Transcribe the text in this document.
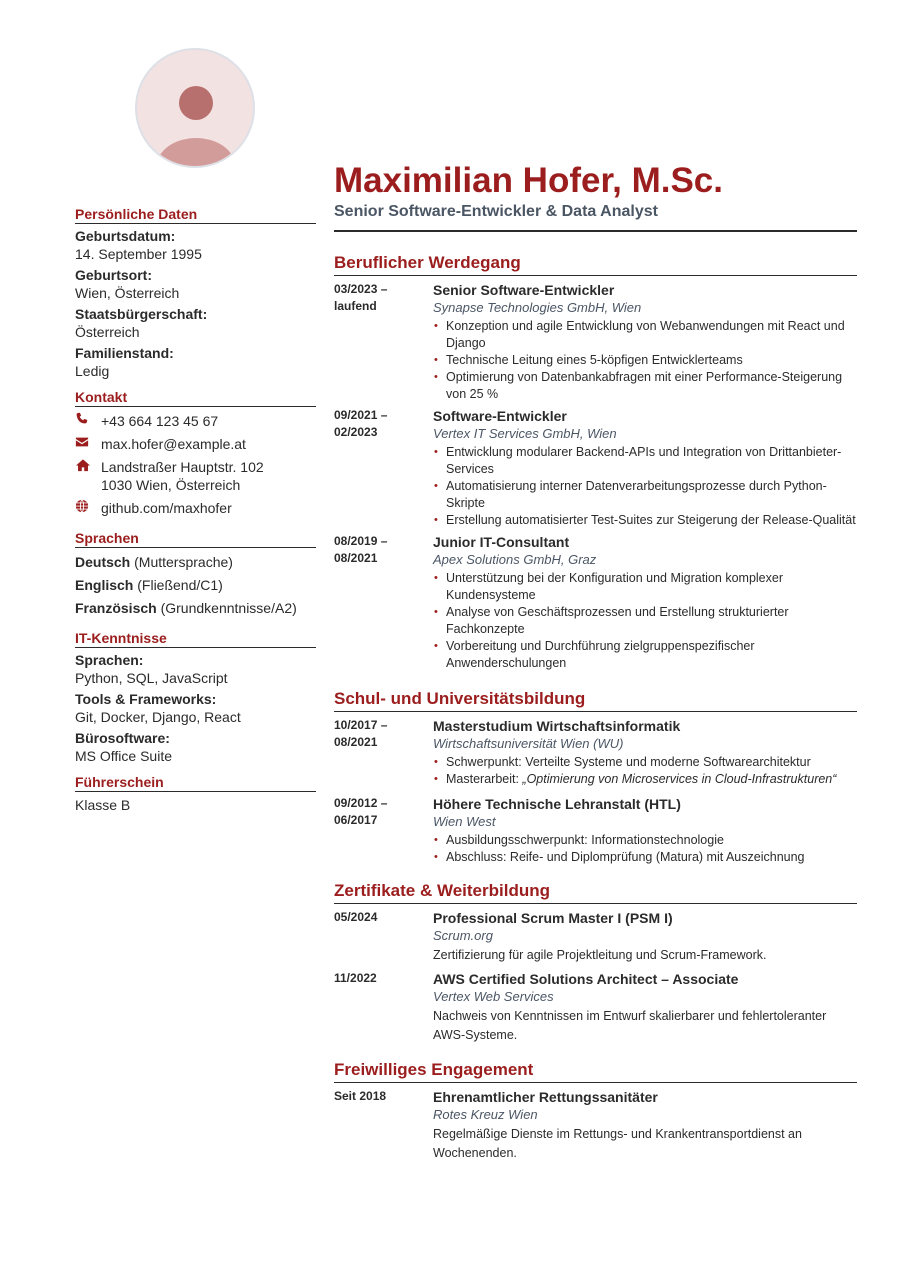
Persönliche Daten
Geburtsdatum:
14. September 1995
Geburtsort:
Wien, Österreich
Staatsbürgerschaft:
Österreich
Familienstand:
Ledig
Kontakt
+43 664 123 45 67
max.hofer@example.at
Landstraßer Hauptstr. 102
1030 Wien, Österreich
github.com/maxhofer
Sprachen
Deutsch (Muttersprache)
Englisch (Fließend/C1)
Französisch (Grundkenntnisse/A2)
IT-Kenntnisse
Sprachen:
Python, SQL, JavaScript
Tools & Frameworks:
Git, Docker, Django, React
Bürosoftware:
MS Office Suite
Führerschein
Klasse B
Maximilian Hofer, M.Sc.
Senior Software-Entwickler & Data Analyst
Beruflicher Werdegang
03/2023 –
laufend
Senior Software-Entwickler
Synapse Technologies GmbH, Wien
• Konzeption und agile Entwicklung von Webanwendungen mit React und Django
• Technische Leitung eines 5-köpfigen Entwicklerteams
• Optimierung von Datenbankabfragen mit einer Performance-Steigerung von 25 %
09/2021 –
02/2023
Software-Entwickler
Vertex IT Services GmbH, Wien
• Entwicklung modularer Backend-APIs und Integration von Drittanbieter-Services
• Automatisierung interner Datenverarbeitungsprozesse durch Python-Skripte
• Erstellung automatisierter Test-Suites zur Steigerung der Release-Qualität
08/2019 –
08/2021
Junior IT-Consultant
Apex Solutions GmbH, Graz
• Unterstützung bei der Konfiguration und Migration komplexer Kundensysteme
• Analyse von Geschäftsprozessen und Erstellung strukturierter Fachkonzepte
• Vorbereitung und Durchführung zielgruppenspezifischer Anwenderschulungen
Schul- und Universitätsbildung
10/2017 –
08/2021
Masterstudium Wirtschaftsinformatik
Wirtschaftsuniversität Wien (WU)
• Schwerpunkt: Verteilte Systeme und moderne Softwarearchitektur
• Masterarbeit: „Optimierung von Microservices in Cloud-Infrastrukturen“
09/2012 –
06/2017
Höhere Technische Lehranstalt (HTL)
Wien West
• Ausbildungsschwerpunkt: Informationstechnologie
• Abschluss: Reife- und Diplomprüfung (Matura) mit Auszeichnung
Zertifikate & Weiterbildung
05/2024	Professional Scrum Master I (PSM I)
Scrum.org
Zertifizierung für agile Projektleitung und Scrum-Framework.
11/2022	AWS Certified Solutions Architect – Associate
Vertex Web Services
Nachweis von Kenntnissen im Entwurf skalierbarer und fehlertoleranter AWS-Systeme.
Freiwilliges Engagement
Seit 2018	Ehrenamtlicher Rettungssanitäter
Rotes Kreuz Wien
Regelmäßige Dienste im Rettungs- und Krankentransportdienst an Wochenenden.
